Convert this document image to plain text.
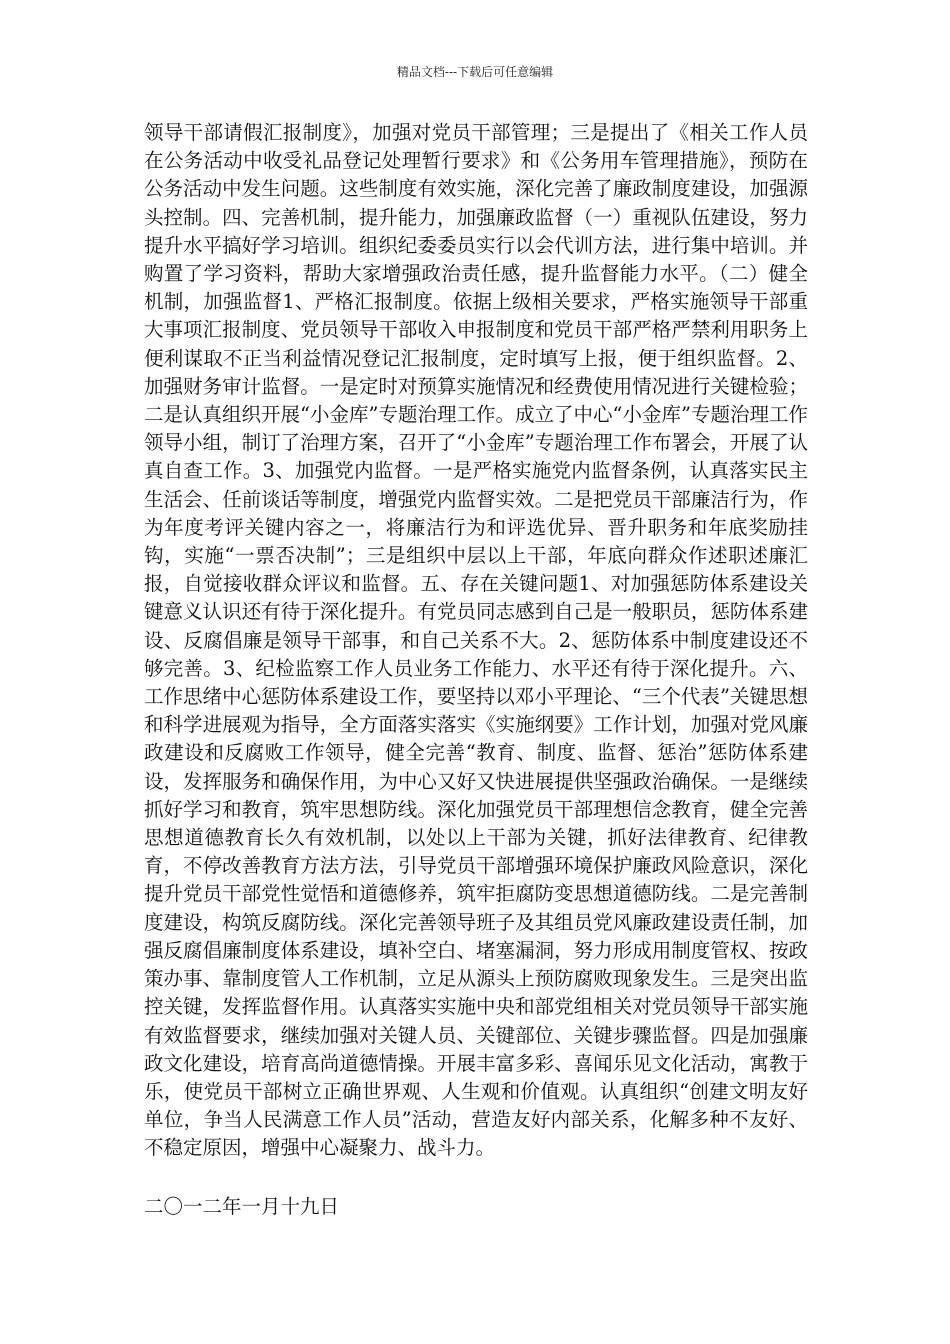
精品文档---下载后可任意编辑

领导干部请假汇报制度》，加强对党员干部管理；三是提出了《相关工作人员在公务活动中收受礼品登记处理暂行要求》和《公务用车管理措施》，预防在公务活动中发生问题。这些制度有效实施，深化完善了廉政制度建设，加强源头控制。四、完善机制，提升能力，加强廉政监督（一）重视队伍建设，努力提升水平搞好学习培训。组织纪委委员实行以会代训方法，进行集中培训。并购置了学习资料，帮助大家增强政治责任感，提升监督能力水平。（二）健全机制，加强监督1、严格汇报制度。依据上级相关要求，严格实施领导干部重大事项汇报制度、党员领导干部收入申报制度和党员干部严格严禁利用职务上便利谋取不正当利益情况登记汇报制度，定时填写上报，便于组织监督。2、加强财务审计监督。一是定时对预算实施情况和经费使用情况进行关键检验；二是认真组织开展“小金库”专题治理工作。成立了中心“小金库”专题治理工作领导小组，制订了治理方案，召开了“小金库”专题治理工作布署会，开展了认真自查工作。3、加强党内监督。一是严格实施党内监督条例，认真落实民主生活会、任前谈话等制度，增强党内监督实效。二是把党员干部廉洁行为，作为年度考评关键内容之一，将廉洁行为和评选优异、晋升职务和年底奖励挂钩，实施“一票否决制”；三是组织中层以上干部，年底向群众作述职述廉汇报，自觉接收群众评议和监督。五、存在关键问题1、对加强惩防体系建设关键意义认识还有待于深化提升。有党员同志感到自己是一般职员，惩防体系建设、反腐倡廉是领导干部事，和自己关系不大。2、惩防体系中制度建设还不够完善。3、纪检监察工作人员业务工作能力、水平还有待于深化提升。六、工作思绪中心惩防体系建设工作，要坚持以邓小平理论、“三个代表”关键思想和科学进展观为指导，全方面落实落实《实施纲要》工作计划，加强对党风廉政建设和反腐败工作领导，健全完善“教育、制度、监督、惩治”惩防体系建设，发挥服务和确保作用，为中心又好又快进展提供坚强政治确保。一是继续抓好学习和教育，筑牢思想防线。深化加强党员干部理想信念教育，健全完善思想道德教育长久有效机制，以处以上干部为关键，抓好法律教育、纪律教育，不停改善教育方法方法，引导党员干部增强环境保护廉政风险意识，深化提升党员干部党性觉悟和道德修养，筑牢拒腐防变思想道德防线。二是完善制度建设，构筑反腐防线。深化完善领导班子及其组员党风廉政建设责任制，加强反腐倡廉制度体系建设，填补空白、堵塞漏洞，努力形成用制度管权、按政策办事、靠制度管人工作机制，立足从源头上预防腐败现象发生。三是突出监控关键，发挥监督作用。认真落实实施中央和部党组相关对党员领导干部实施有效监督要求，继续加强对关键人员、关键部位、关键步骤监督。四是加强廉政文化建设，培育高尚道德情操。开展丰富多彩、喜闻乐见文化活动，寓教于乐，使党员干部树立正确世界观、人生观和价值观。认真组织“创建文明友好单位，争当人民满意工作人员”活动，营造友好内部关系，化解多种不友好、不稳定原因，增强中心凝聚力、战斗力。

二〇一二年一月十九日
